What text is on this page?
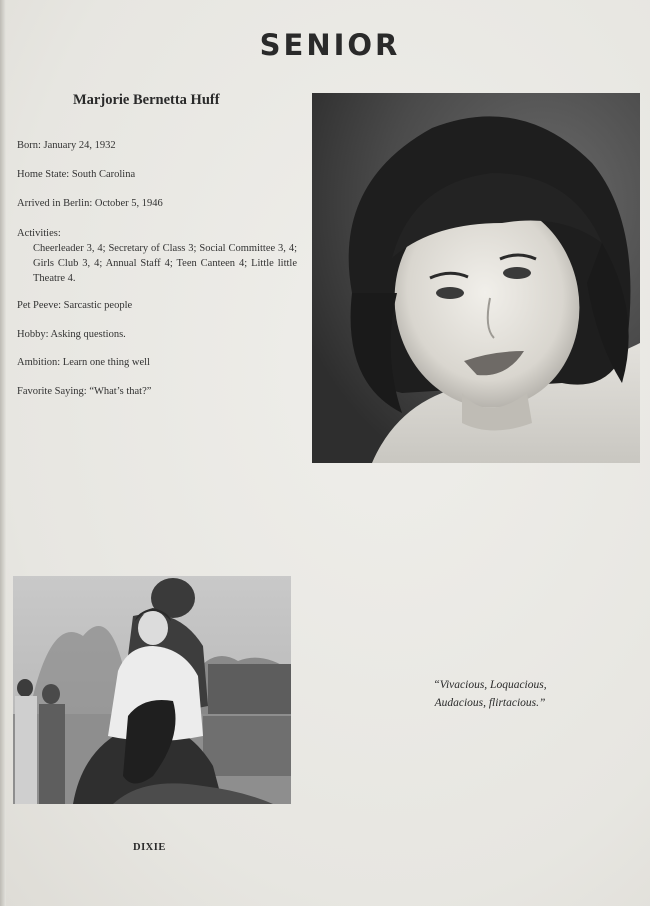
SENIOR
Marjorie Bernetta Huff
Born: January 24, 1932
Home State: South Carolina
Arrived in Berlin: October 5, 1946
Activities:
Cheerleader 3, 4; Secretary of Class 3; Social Committee 3, 4; Girls Club 3, 4; Annual Staff 4; Teen Canteen 4; Little little Theatre 4.
Pet Peeve: Sarcastic people
Hobby: Asking questions.
Ambition: Learn one thing well
Favorite Saying: “What’s that?”
“Vivacious, Loquacious,
Audacious, flirtacious.”
DIXIE
